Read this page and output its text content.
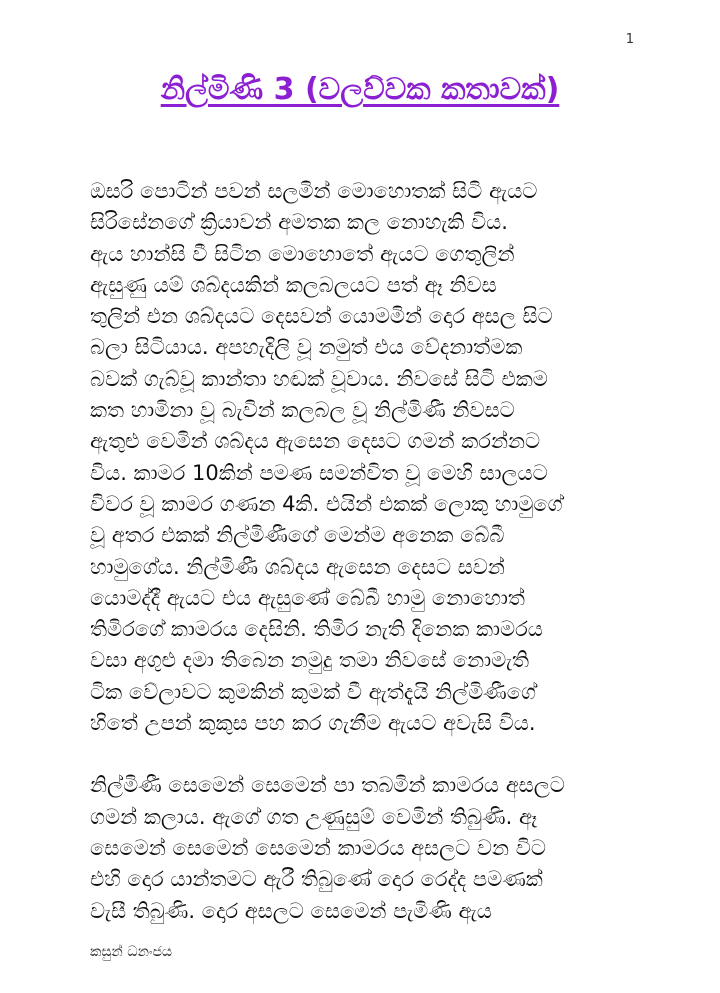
1
නිල්මිණි 3 (වලව්වක කතාවක්)
ඔසරි පොටින් පවන් සලමින් මොහොතක් සිටි ඇයට
සිරිසේනගේ ක්‍රියාවන් අමතක කල නොහැකි විය.
ඇය හාන්සි වී සිටින මොහොතේ ඇයට ගෙතුලින්
ඇසුණු යම් ශබ්දයකින් කලබලයට පත් ඈ නිවස
තුලින් එන ශබ්දයට දෙසවන් යොමමින් දොර අසල සිට
බලා සිටියාය. අපහැදිලි වූ නමුත් එය වේදනාත්මක
බවක් ගැබ්වූ කාන්තා හඬක් වූවාය. නිවසේ සිටි එකම
කත හාමිනා වූ බැවින් කලබල වූ නිල්මිණී නිවසට
ඇතුළු වෙමින් ශබ්දය ඇසෙන දෙසට ගමන් කරන්නට
විය. කාමර 10කින් පමණ සමන්විත වූ මෙහි සාලයට
විවර වූ කාමර ගණන 4කි. එයින් එකක් ලොකු හාමුගේ
වූ අතර එකක් නිල්මිණීගේ මෙන්ම අනෙක බේබී
හාමුගේය. නිල්මිණී ශබ්දය ඇසෙන දෙසට සවන්
යොමද්දී ඇයට එය ඇසුණේ බේබී හාමු නොහොත්
තිමිරගේ කාමරය දෙසිනි. තිමිර නැති දිනෙක කාමරය
වසා අගුළු දමා තිබෙන නමුදු තමා නිවසේ නොමැති
ටික වේලාවට කුමකින් කුමක් වී ඇත්දැයි නිල්මිණීගේ
හිතේ උපන් කුකුස පහ කර ගැනීම ඇයට අවැසි විය.
නිල්මිණී සෙමෙන් සෙමෙන් පා තබමින් කාමරය අසලට
ගමන් කලාය. ඇගේ ගත උණුසුම් වෙමින් තිබුණි. ඈ
සෙමෙන් සෙමෙන් සෙමෙන් කාමරය අසලට වන විට
එහි දොර යාන්තමට ඇරී තිබුණේ දොර රෙද්ද පමණක්
වැසී තිබුණි. දොර අසලට සෙමෙන් පැමිණි ඇය
කසුන් ධනංජය
